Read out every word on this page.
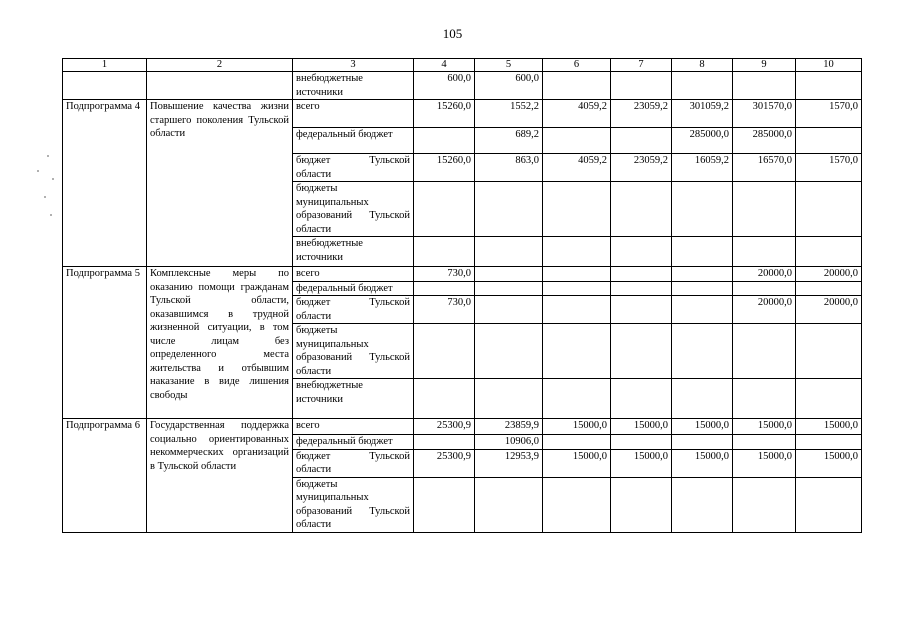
105
1	2	3	4	5	6	7	8	9	10
		внебюджетные источники	600,0	600,0					
Подпрограмма 4	Повышение качества жизни старшего поколения Тульской области	всего	15260,0	1552,2	4059,2	23059,2	301059,2	301570,0	1570,0
		федеральный бюджет		689,2			285000,0	285000,0	
		бюджет Тульской области	15260,0	863,0	4059,2	23059,2	16059,2	16570,0	1570,0
		бюджеты муниципальных образований Тульской области							
		внебюджетные источники							
Подпрограмма 5	Комплексные меры по оказанию помощи гражданам Тульской области, оказавшимся в трудной жизненной ситуации, в том числе лицам без определенного места жительства и отбывшим наказание в виде лишения свободы	всего	730,0					20000,0	20000,0
		федеральный бюджет							
		бюджет Тульской области	730,0					20000,0	20000,0
		бюджеты муниципальных образований Тульской области							
		внебюджетные источники							
Подпрограмма 6	Государственная поддержка социально ориентированных некоммерческих организаций в Тульской области	всего	25300,9	23859,9	15000,0	15000,0	15000,0	15000,0	15000,0
		федеральный бюджет		10906,0					
		бюджет Тульской области	25300,9	12953,9	15000,0	15000,0	15000,0	15000,0	15000,0
		бюджеты муниципальных образований Тульской области							
